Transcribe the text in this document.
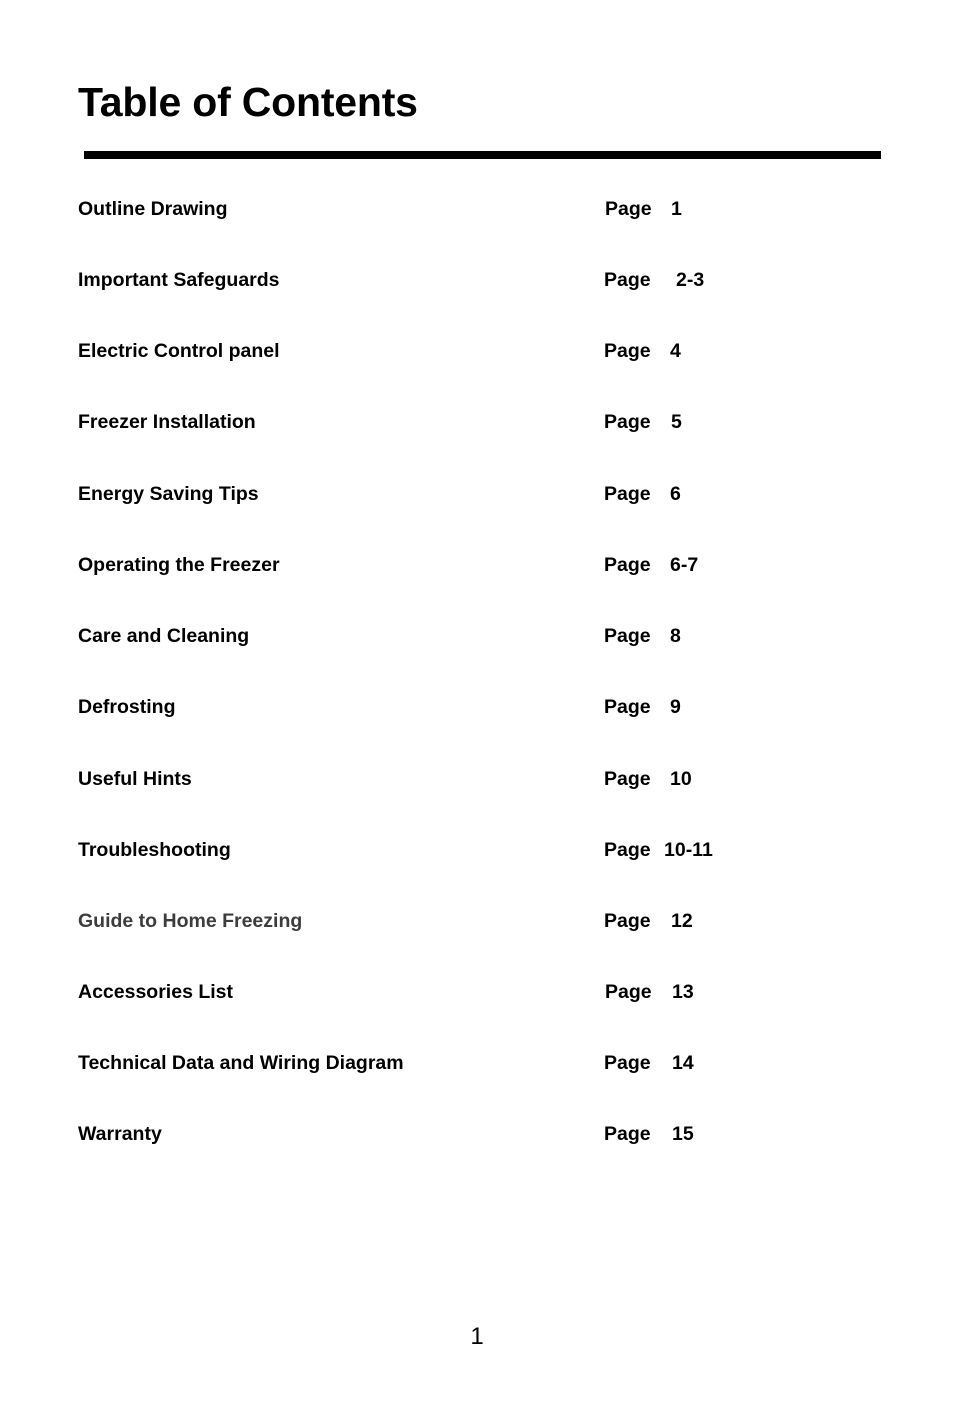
Table of Contents
Outline Drawing	Page 1
Important Safeguards	Page 2-3
Electric Control panel	Page 4
Freezer Installation	Page 5
Energy Saving Tips	Page 6
Operating the Freezer	Page 6-7
Care and Cleaning	Page 8
Defrosting	Page 9
Useful Hints	Page 10
Troubleshooting	Page 10-11
Guide to Home Freezing	Page 12
Accessories List	Page 13
Technical Data and Wiring Diagram	Page 14
Warranty	Page 15
1
